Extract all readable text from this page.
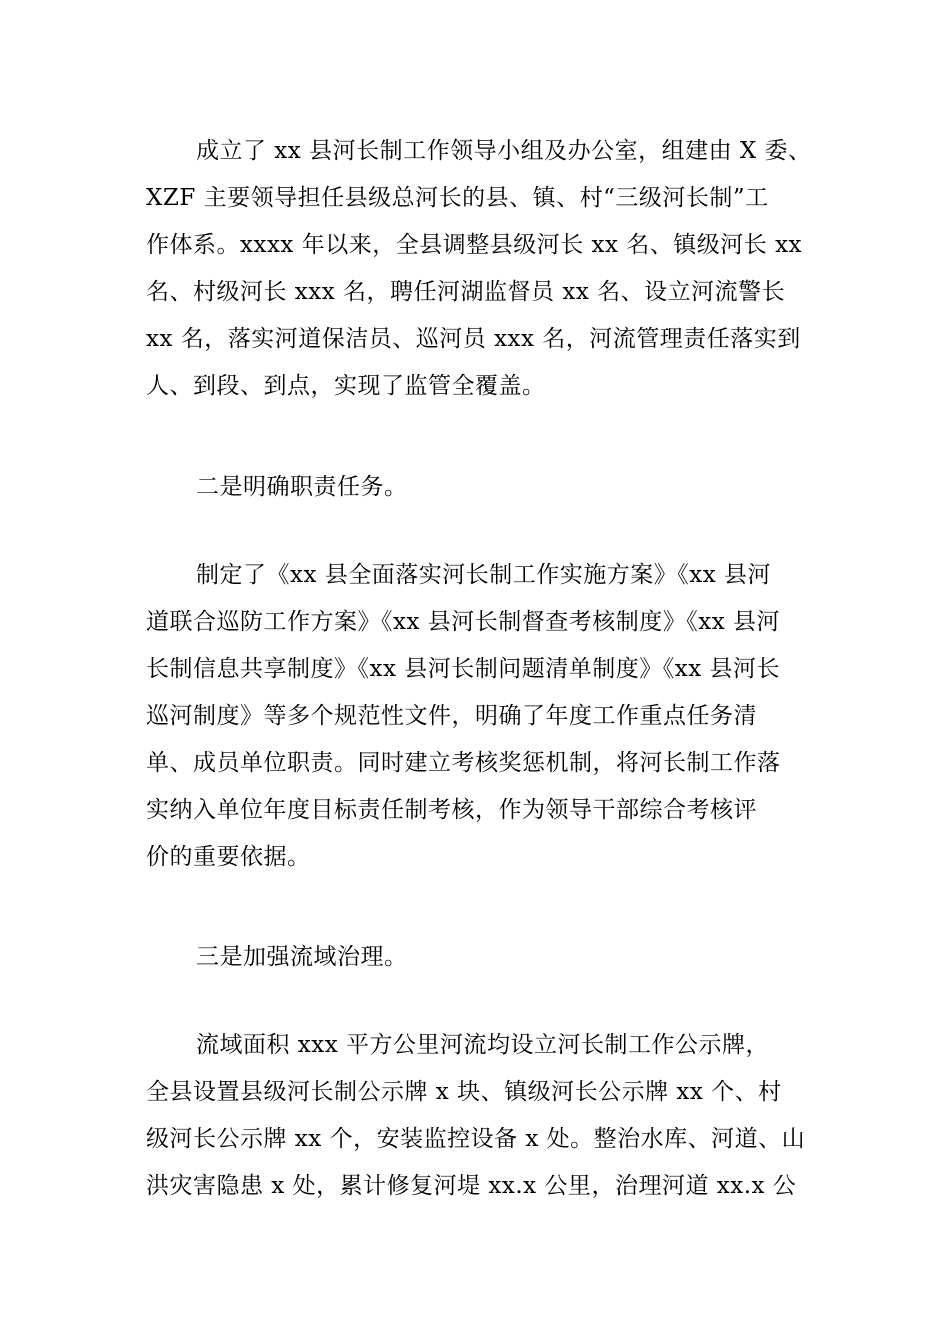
成立了 xx 县河长制工作领导小组及办公室，组建由 X 委、
XZF 主要领导担任县级总河长的县、镇、村“三级河长制”工
作体系。xxxx 年以来，全县调整县级河长 xx 名、镇级河长 xx
名、村级河长 xxx 名，聘任河湖监督员 xx 名、设立河流警长
xx 名，落实河道保洁员、巡河员 xxx 名，河流管理责任落实到
人、到段、到点，实现了监管全覆盖。
二是明确职责任务。
制定了《xx 县全面落实河长制工作实施方案》《xx 县河
道联合巡防工作方案》《xx 县河长制督查考核制度》《xx 县河
长制信息共享制度》《xx 县河长制问题清单制度》《xx 县河长
巡河制度》等多个规范性文件，明确了年度工作重点任务清
单、成员单位职责。同时建立考核奖惩机制，将河长制工作落
实纳入单位年度目标责任制考核，作为领导干部综合考核评
价的重要依据。
三是加强流域治理。
流域面积 xxx 平方公里河流均设立河长制工作公示牌，
全县设置县级河长制公示牌 x 块、镇级河长公示牌 xx 个、村
级河长公示牌 xx 个，安装监控设备 x 处。整治水库、河道、山
洪灾害隐患 x 处，累计修复河堤 xx.x 公里，治理河道 xx.x 公
